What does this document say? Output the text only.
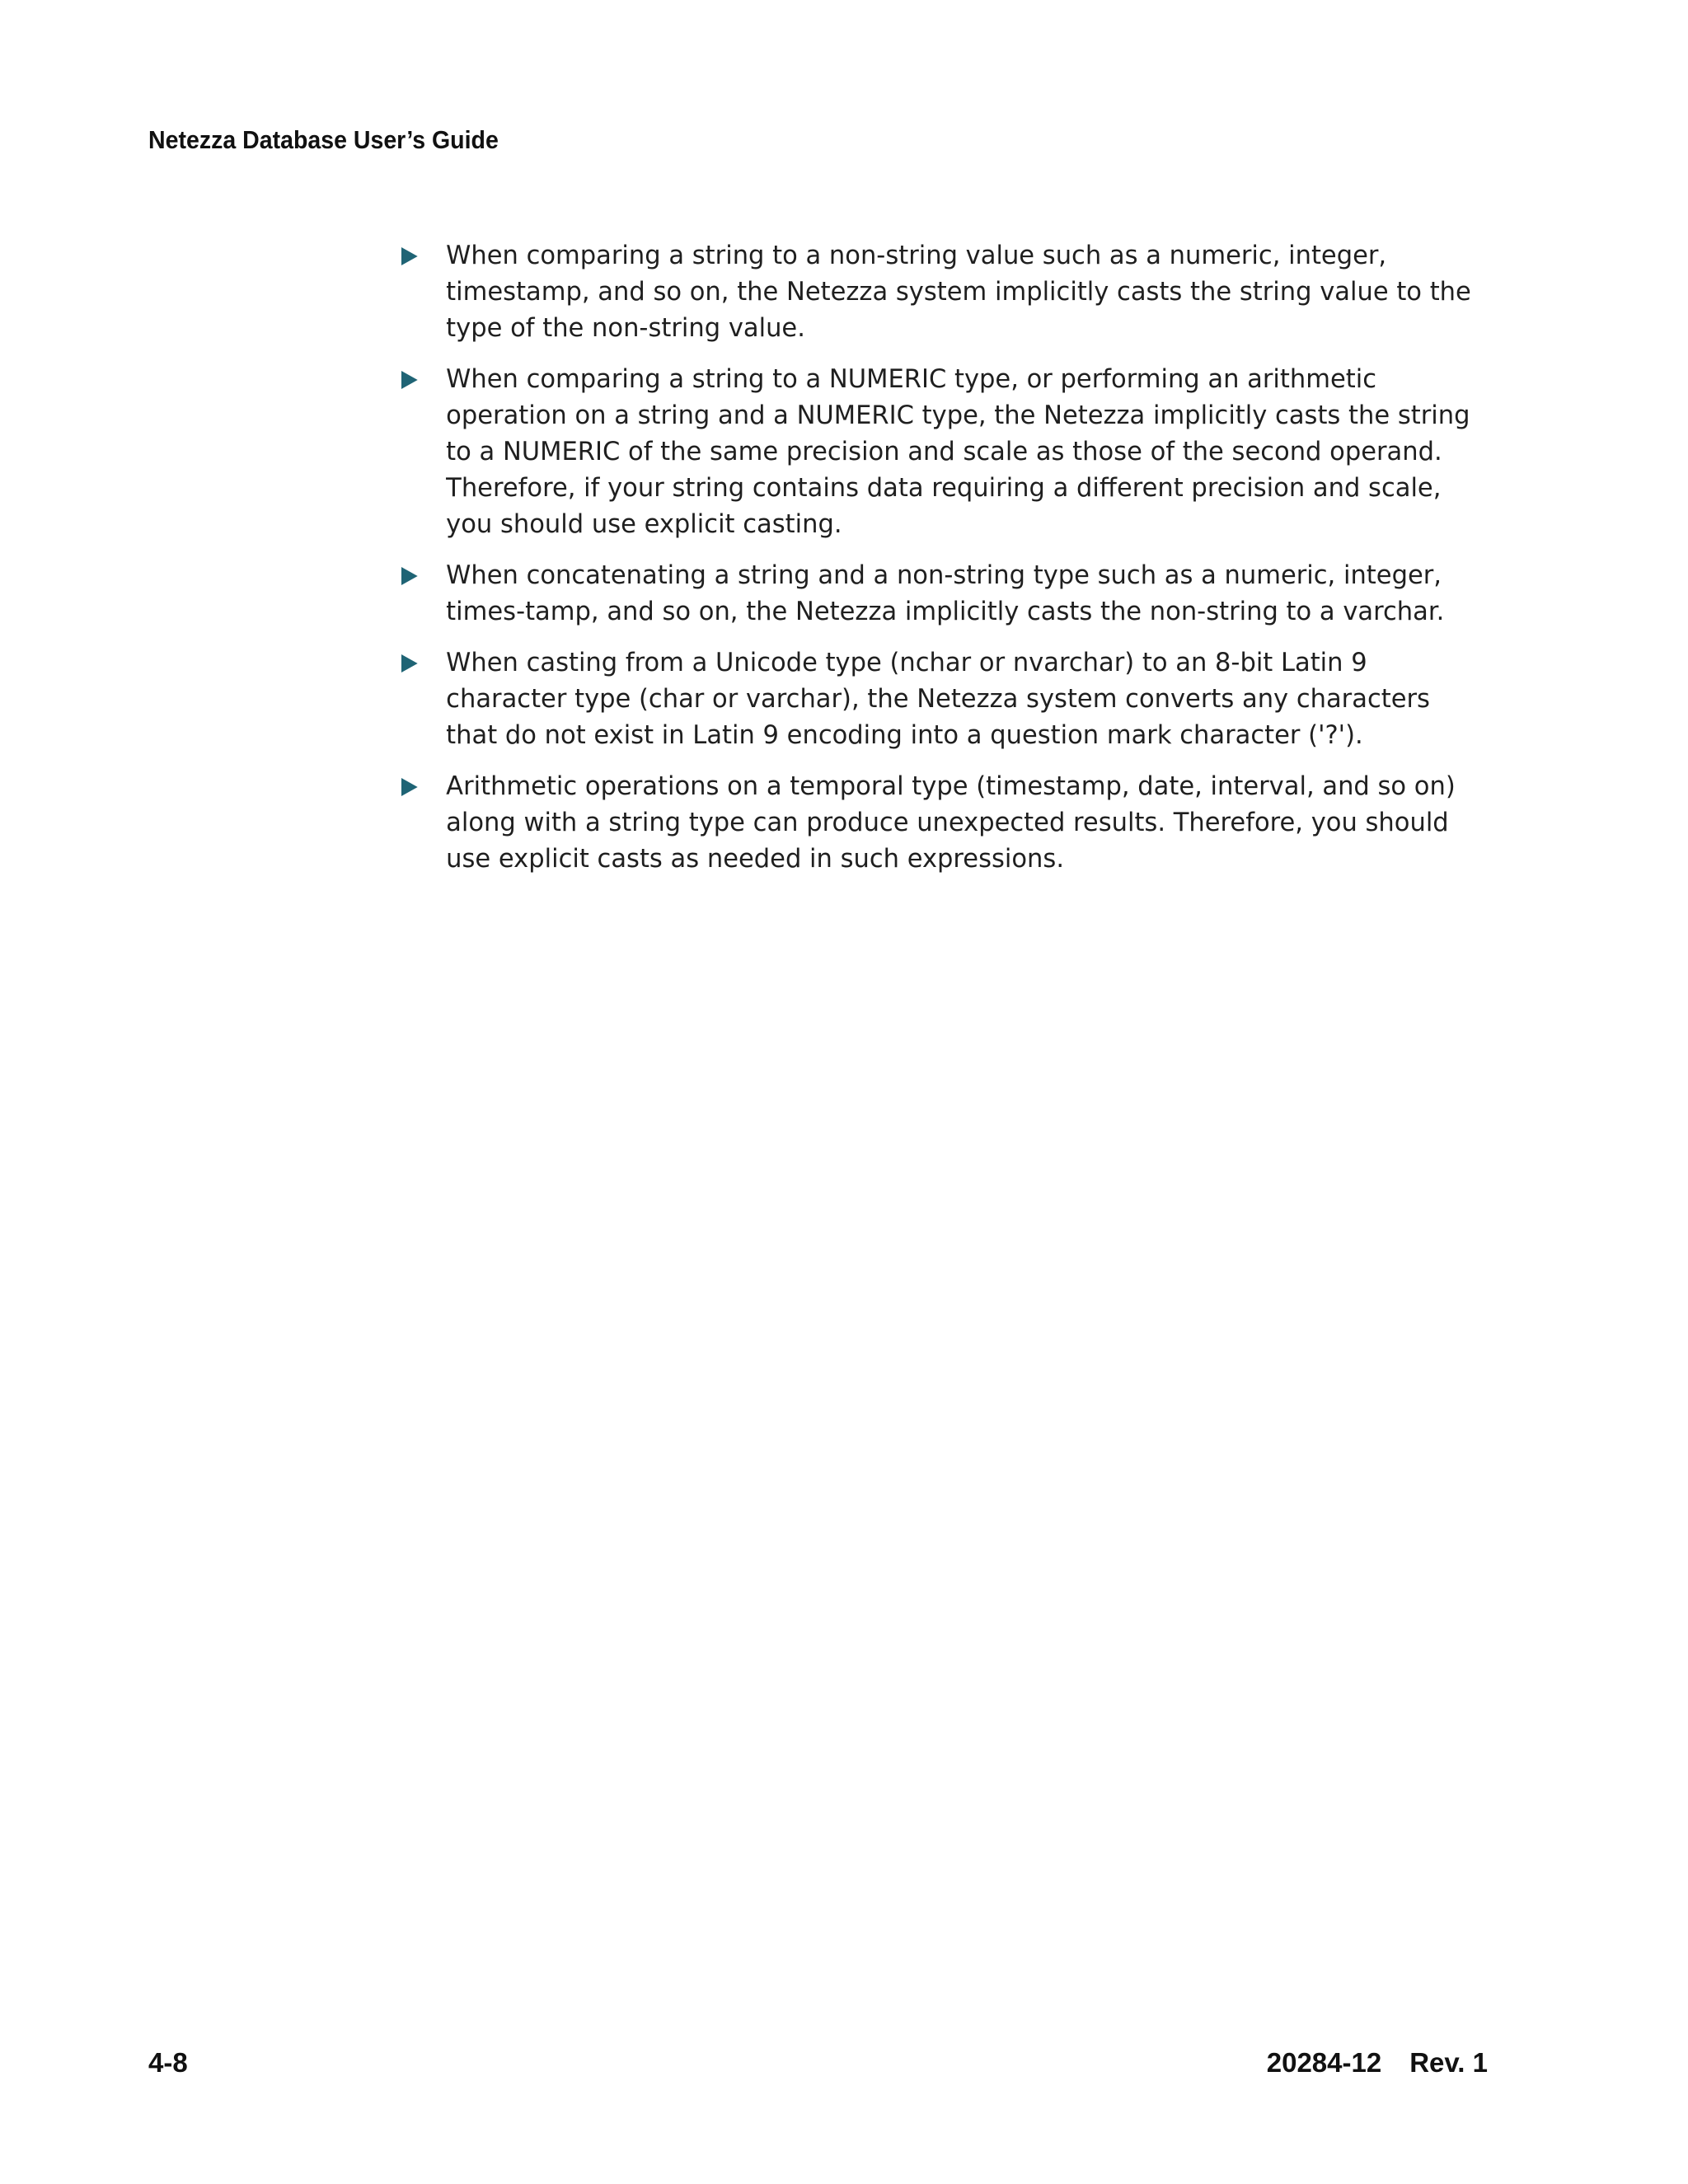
Netezza Database User’s Guide
When comparing a string to a non-string value such as a numeric, integer, timestamp, and so on, the Netezza system implicitly casts the string value to the type of the non-string value.
When comparing a string to a NUMERIC type, or performing an arithmetic operation on a string and a NUMERIC type, the Netezza implicitly casts the string to a NUMERIC of the same precision and scale as those of the second operand. Therefore, if your string contains data requiring a different precision and scale, you should use explicit casting.
When concatenating a string and a non-string type such as a numeric, integer, times-tamp, and so on, the Netezza implicitly casts the non-string to a varchar.
When casting from a Unicode type (nchar or nvarchar) to an 8-bit Latin 9 character type (char or varchar), the Netezza system converts any characters that do not exist in Latin 9 encoding into a question mark character ('?').
Arithmetic operations on a temporal type (timestamp, date, interval, and so on) along with a string type can produce unexpected results. Therefore, you should use explicit casts as needed in such expressions.
4-8	20284-12 Rev. 1
